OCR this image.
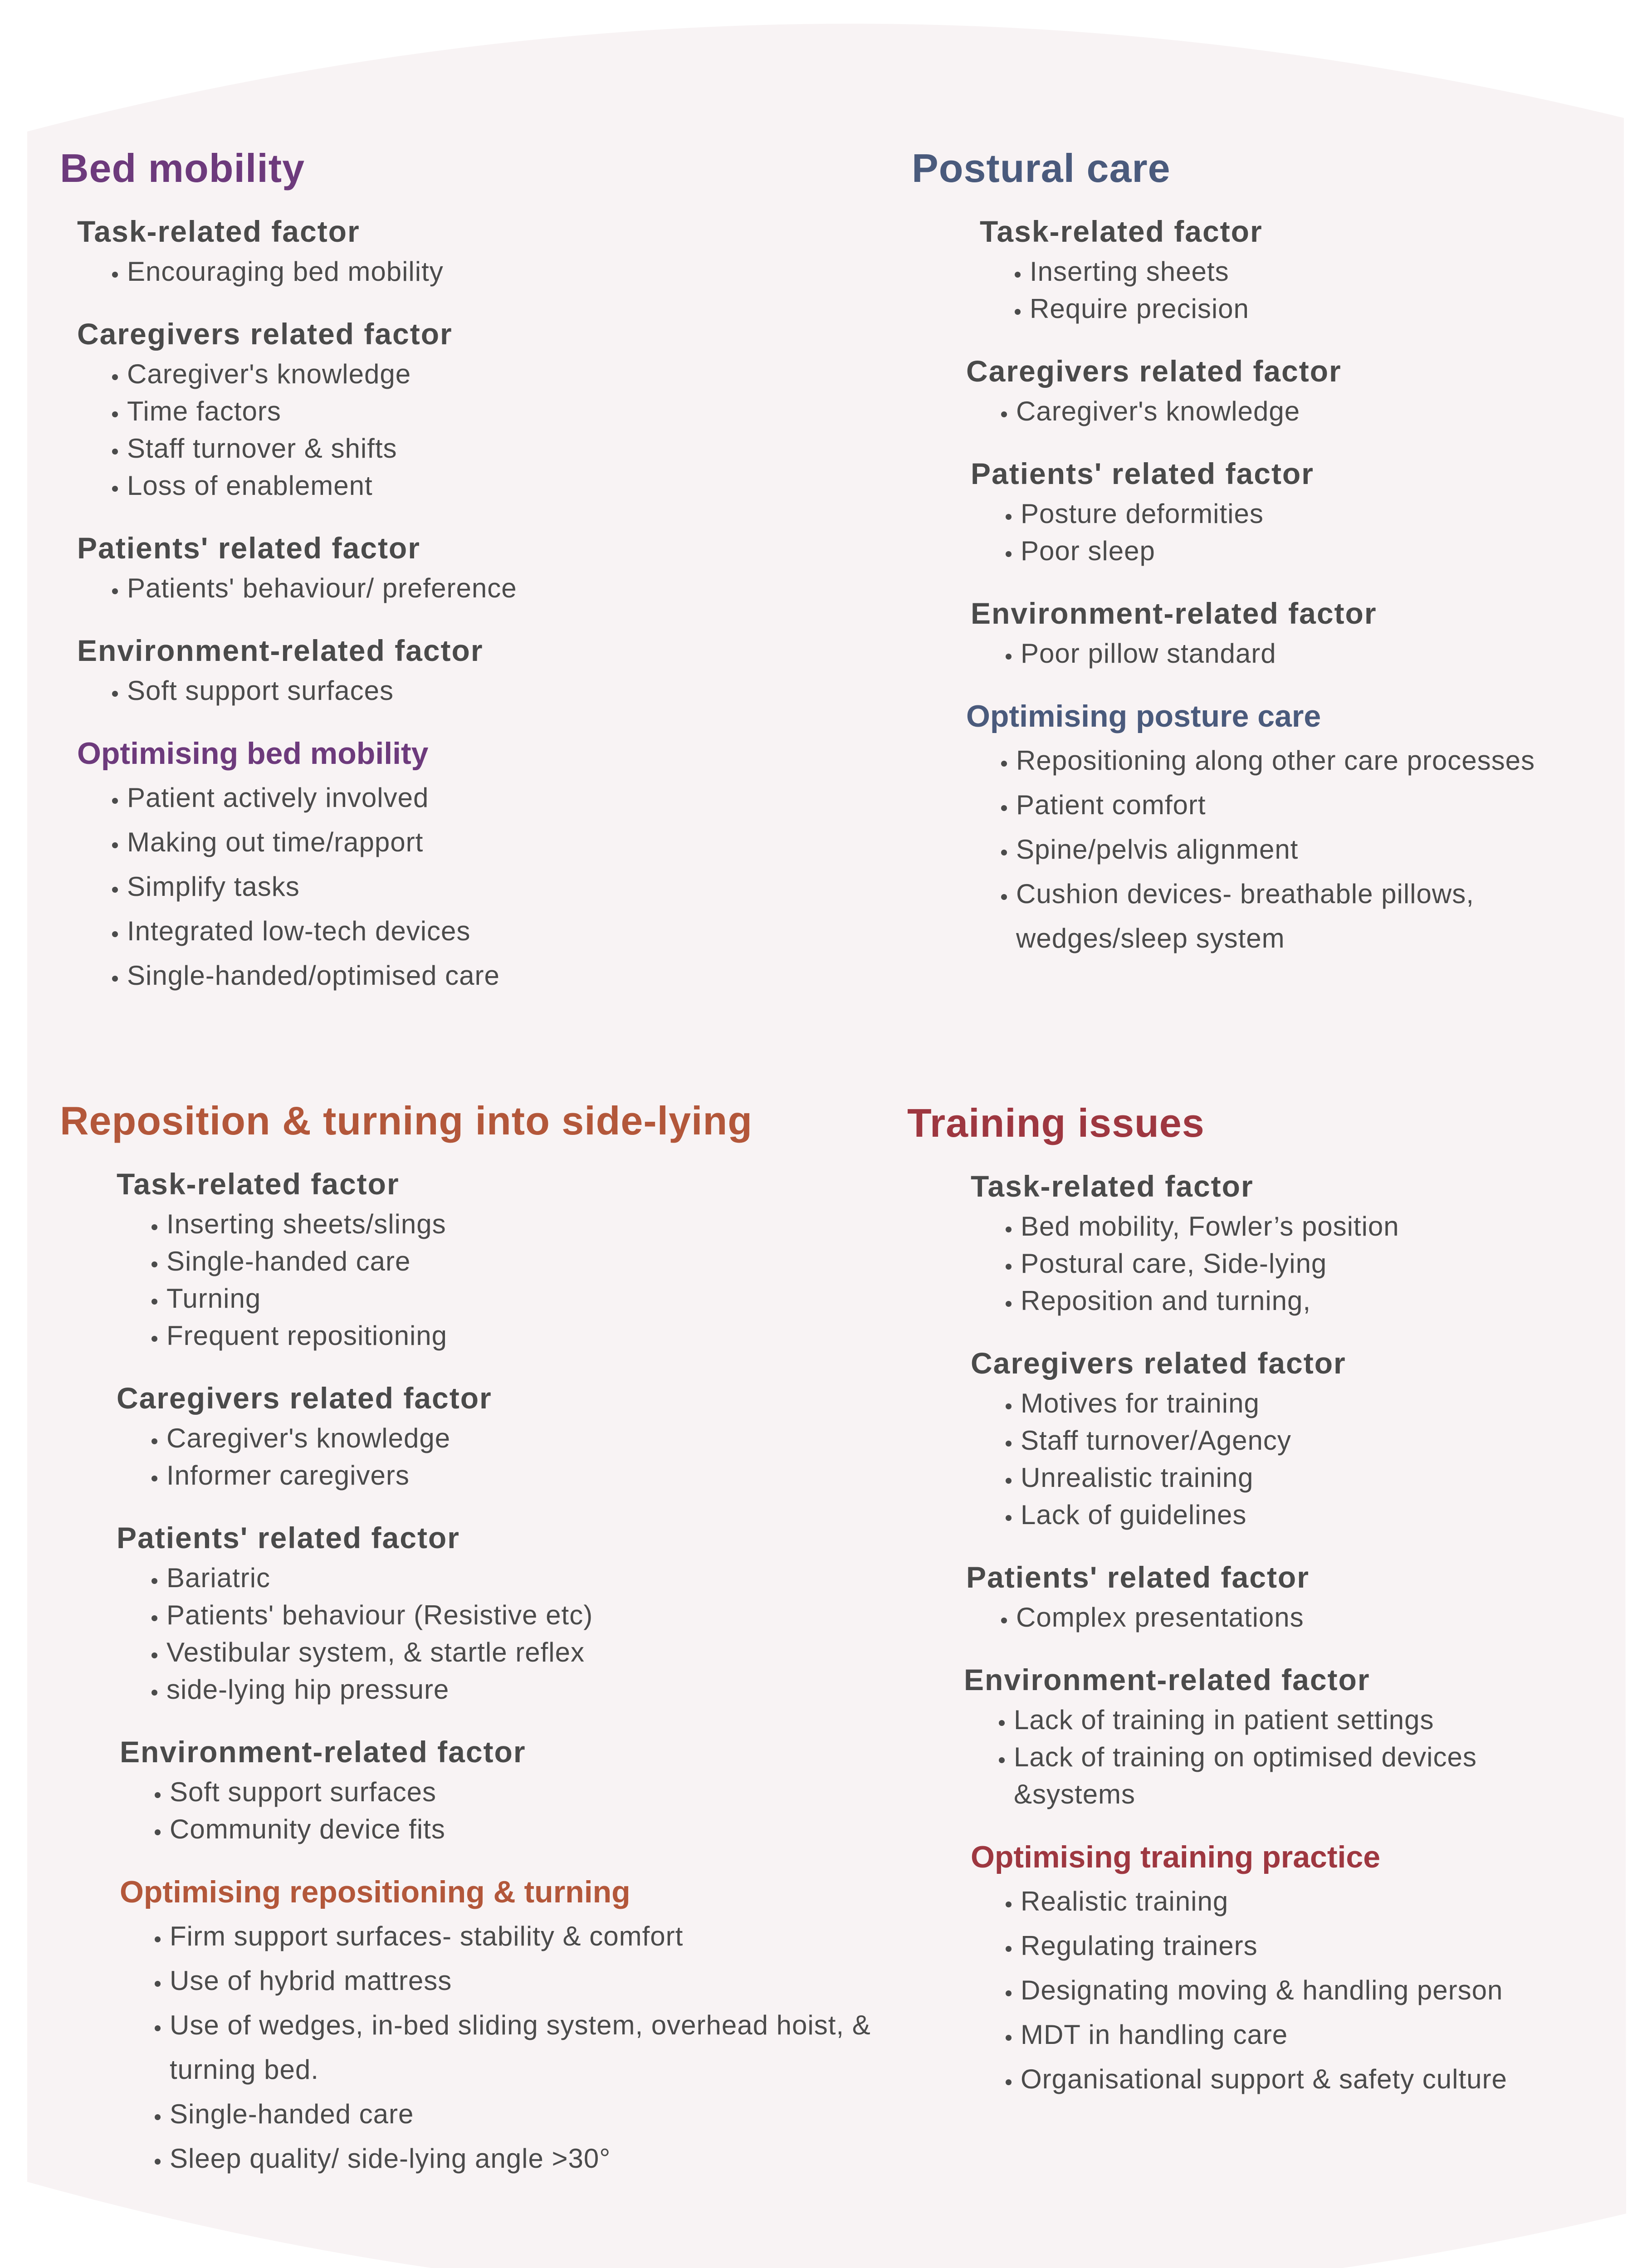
Bed mobility
Task-related factor
• Encouraging bed mobility
Caregivers related factor
• Caregiver's knowledge
• Time factors
• Staff turnover & shifts
• Loss of enablement
Patients' related factor
• Patients' behaviour/ preference
Environment-related factor
• Soft support surfaces
Optimising bed mobility
• Patient actively involved
• Making out time/rapport
• Simplify tasks
• Integrated low-tech devices
• Single-handed/optimised care
Postural care
Task-related factor
• Inserting sheets
• Require precision
Caregivers related factor
• Caregiver's knowledge
Patients' related factor
• Posture deformities
• Poor sleep
Environment-related factor
• Poor pillow standard
Optimising posture care
• Repositioning along other care processes
• Patient comfort
• Spine/pelvis alignment
• Cushion devices- breathable pillows, wedges/sleep system
Reposition & turning into side-lying
Task-related factor
• Inserting sheets/slings
• Single-handed care
• Turning
• Frequent repositioning
Caregivers related factor
• Caregiver's knowledge
• Informer caregivers
Patients' related factor
• Bariatric
• Patients' behaviour (Resistive etc)
• Vestibular system, & startle reflex
• side-lying hip pressure
Environment-related factor
• Soft support surfaces
• Community device fits
Optimising repositioning & turning
• Firm support surfaces- stability & comfort
• Use of hybrid mattress
• Use of wedges, in-bed sliding system, overhead hoist, & turning bed.
• Single-handed care
• Sleep quality/ side-lying angle >30°
Training issues
Task-related factor
• Bed mobility, Fowler’s position
• Postural care, Side-lying
• Reposition and turning,
Caregivers related factor
• Motives for training
• Staff turnover/Agency
• Unrealistic training
• Lack of guidelines
Patients' related factor
• Complex presentations
Environment-related factor
• Lack of training in patient settings
• Lack of training on optimised devices &systems
Optimising training practice
• Realistic training
• Regulating trainers
• Designating moving & handling person
• MDT in handling care
• Organisational support & safety culture
